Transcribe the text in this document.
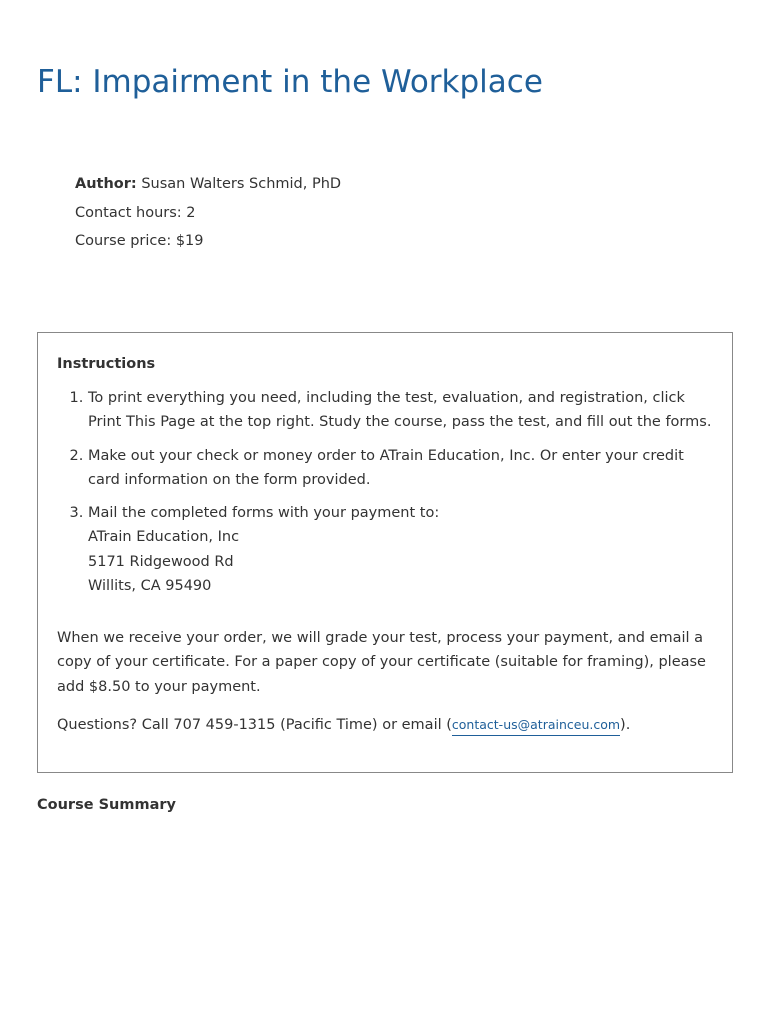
FL: Impairment in the Workplace
Author: Susan Walters Schmid, PhD
Contact hours: 2
Course price: $19
Instructions
1. To print everything you need, including the test, evaluation, and registration, click Print This Page at the top right. Study the course, pass the test, and fill out the forms.
2. Make out your check or money order to ATrain Education, Inc. Or enter your credit card information on the form provided.
3. Mail the completed forms with your payment to:
ATrain Education, Inc
5171 Ridgewood Rd
Willits, CA 95490

When we receive your order, we will grade your test, process your payment, and email a copy of your certificate. For a paper copy of your certificate (suitable for framing), please add $8.50 to your payment.

Questions? Call 707 459-1315 (Pacific Time) or email (contact-us@atrainceu.com).

Course Summary
